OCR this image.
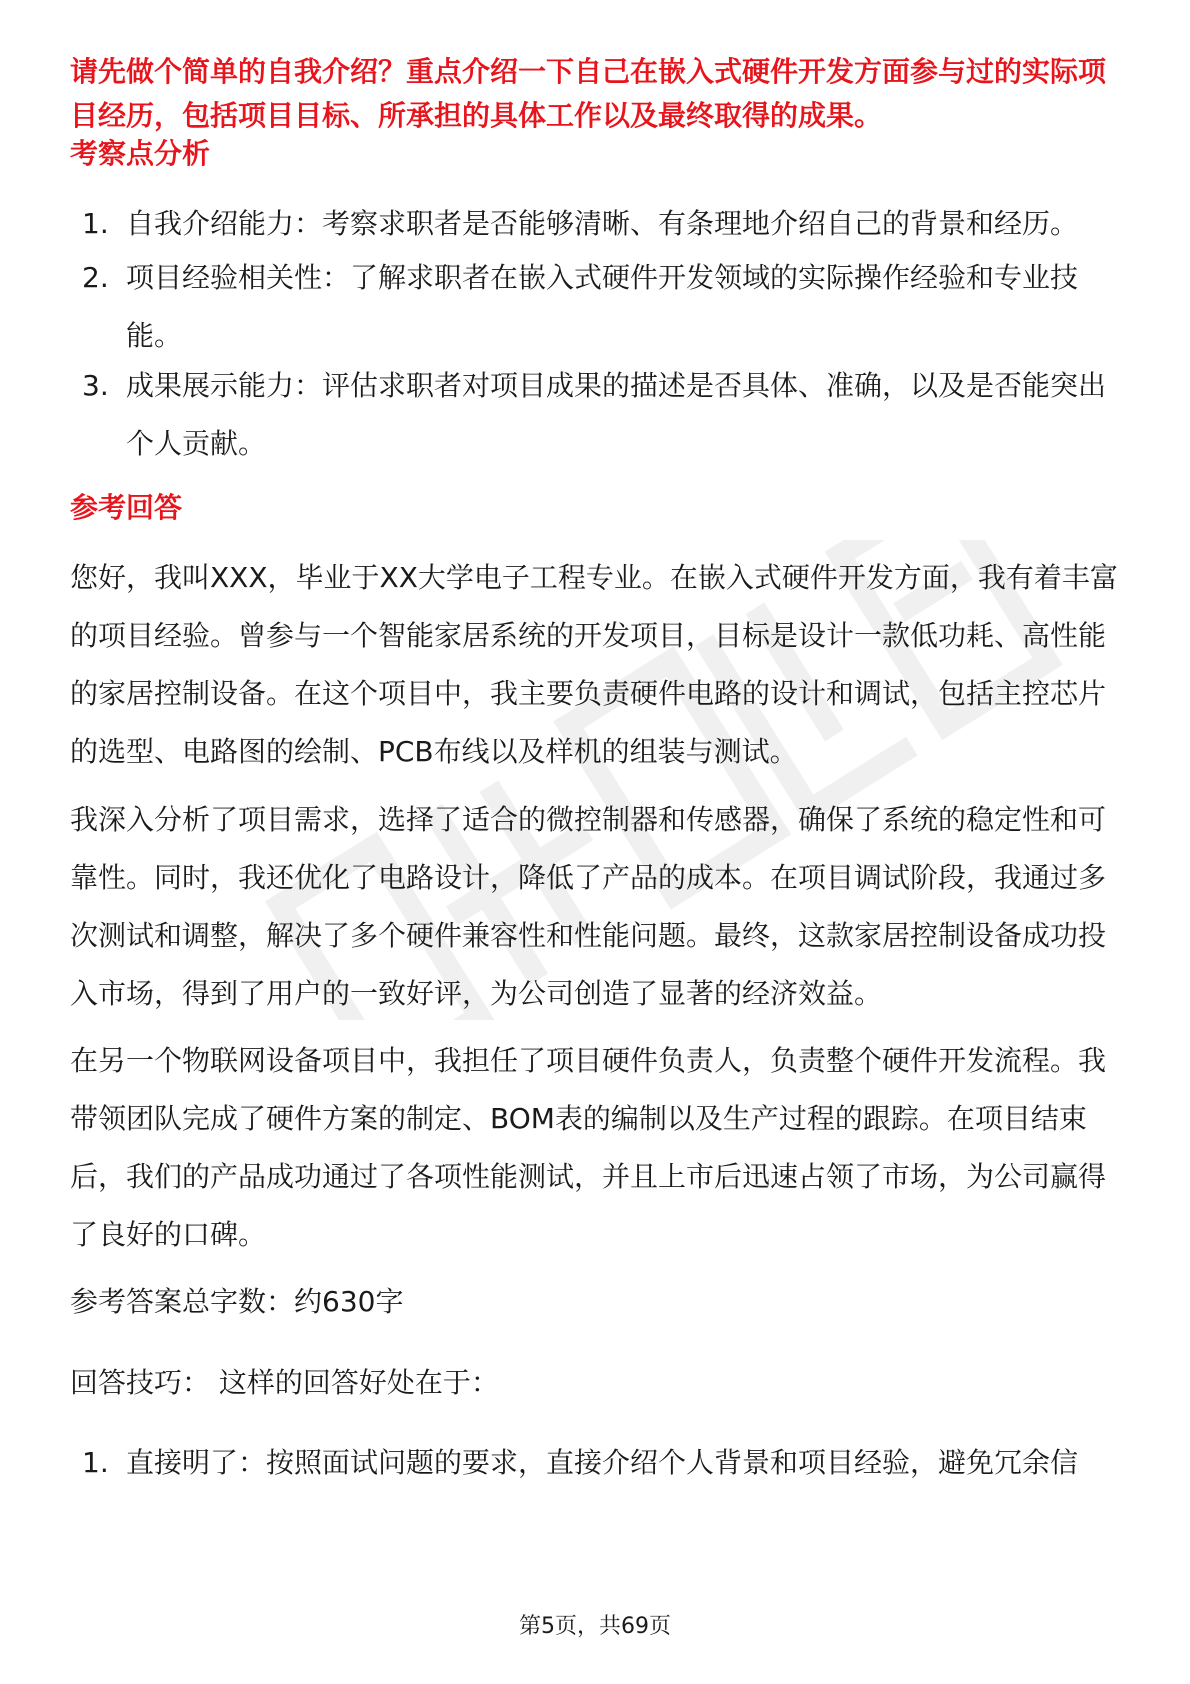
请先做个简单的自我介绍？重点介绍一下自己在嵌入式硬件开发方面参与过的实际项目经历，包括项目目标、所承担的具体工作以及最终取得的成果。
考察点分析
1. 自我介绍能力：考察求职者是否能够清晰、有条理地介绍自己的背景和经历。
2. 项目经验相关性：了解求职者在嵌入式硬件开发领域的实际操作经验和专业技能。
3. 成果展示能力：评估求职者对项目成果的描述是否具体、准确，以及是否能突出个人贡献。
参考回答
您好，我叫XXX，毕业于XX大学电子工程专业。在嵌入式硬件开发方面，我有着丰富的项目经验。曾参与一个智能家居系统的开发项目，目标是设计一款低功耗、高性能的家居控制设备。在这个项目中，我主要负责硬件电路的设计和调试，包括主控芯片的选型、电路图的绘制、PCB布线以及样机的组装与测试。
我深入分析了项目需求，选择了适合的微控制器和传感器，确保了系统的稳定性和可靠性。同时，我还优化了电路设计，降低了产品的成本。在项目调试阶段，我通过多次测试和调整，解决了多个硬件兼容性和性能问题。最终，这款家居控制设备成功投入市场，得到了用户的一致好评，为公司创造了显著的经济效益。
在另一个物联网设备项目中，我担任了项目硬件负责人，负责整个硬件开发流程。我带领团队完成了硬件方案的制定、BOM表的编制以及生产过程的跟踪。在项目结束后，我们的产品成功通过了各项性能测试，并且上市后迅速占领了市场，为公司赢得了良好的口碑。
参考答案总字数：约630字
回答技巧： 这样的回答好处在于：
1. 直接明了：按照面试问题的要求，直接介绍个人背景和项目经验，避免冗余信
第5页，共69页
